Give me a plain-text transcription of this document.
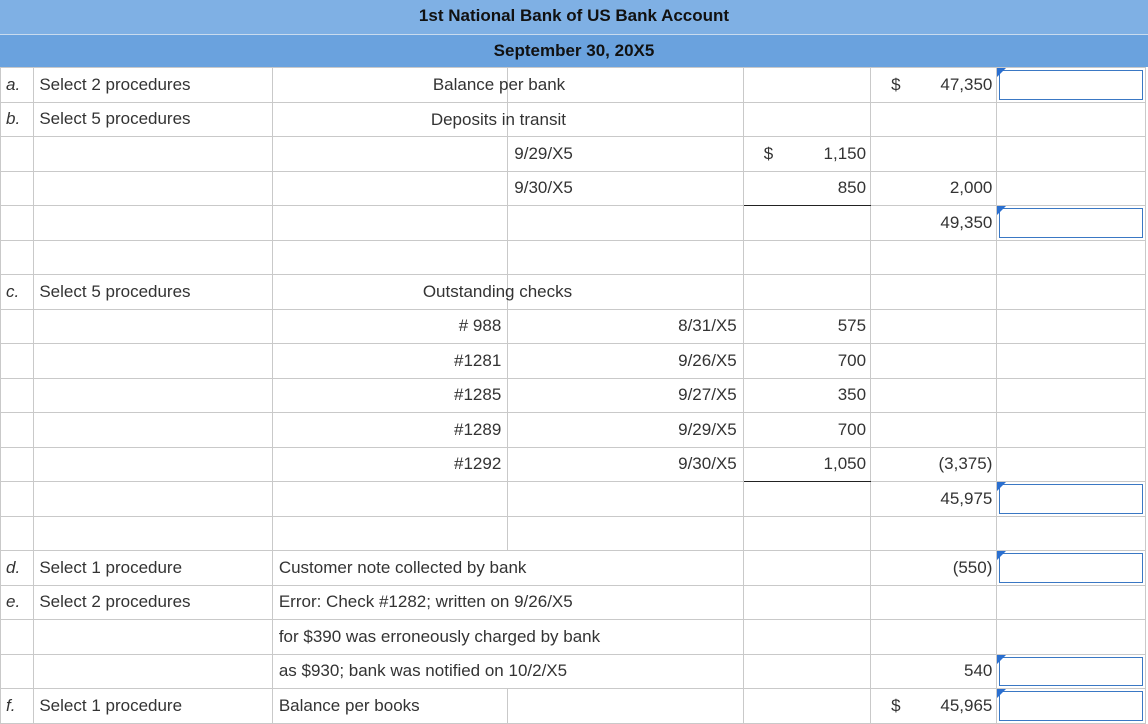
1st National Bank of US Bank Account
September 30, 20X5
a.	Select 2 procedures	Balance per bank			$ 47,350	

b.	Select 5 procedures	Deposits in transit				

			9/29/X5	$ 1,150		

			9/30/X5	850	2,000	
					49,350	

c.	Select 5 procedures	Outstanding checks				

		# 988	8/31/X5	575		
		#1281	9/26/X5	700		
		#1285	9/27/X5	350		
		#1289	9/29/X5	700		
		#1292	9/30/X5	1,050	(3,375)	
					45,975	

d.	Select 1 procedure	Customer note collected by bank			(550)	

e.	Select 2 procedures	Error: Check #1282; written on 9/26/X5				
		for $390 was erroneously charged by bank				
		as $930; bank was notified on 10/2/X5			540	

f.	Select 1 procedure	Balance per books			$ 45,965	
